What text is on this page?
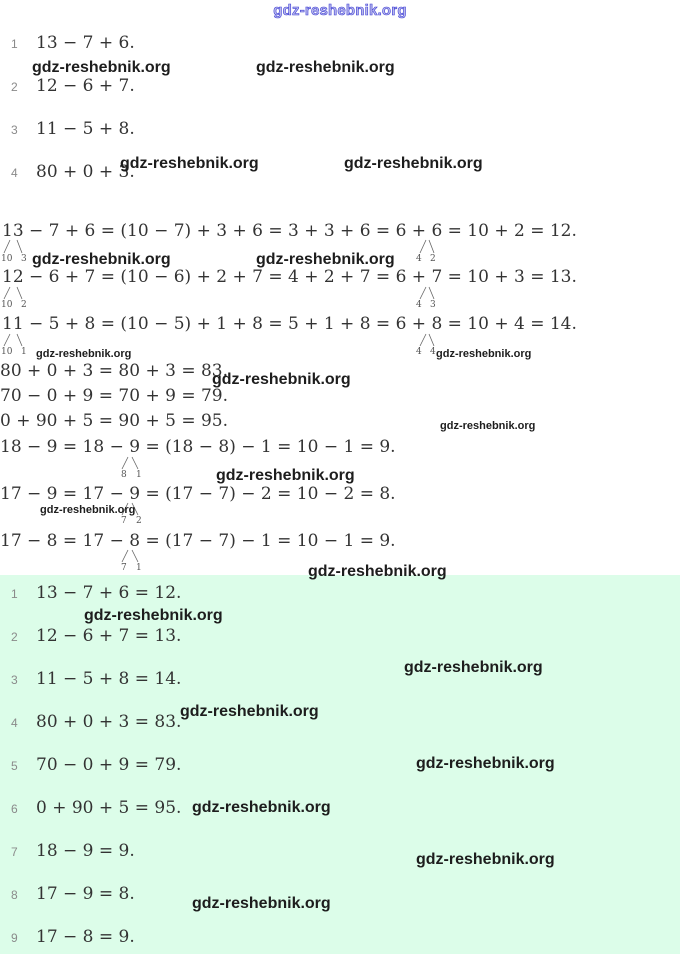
gdz-reshebnik.org
1	13 − 7 + 6.
2	12 − 6 + 7.
3	11 − 5 + 8.
4	80 + 0 + 3.
13 − 7 + 6 = (10 − 7) + 3 + 6 = 3 + 3 + 6 = 6 + 6 = 10 + 2 = 12.
12 − 6 + 7 = (10 − 6) + 2 + 7 = 4 + 2 + 7 = 6 + 7 = 10 + 3 = 13.
11 − 5 + 8 = (10 − 5) + 1 + 8 = 5 + 1 + 8 = 6 + 8 = 10 + 4 = 14.
80 + 0 + 3 = 80 + 3 = 83.
70 − 0 + 9 = 70 + 9 = 79.
0 + 90 + 5 = 90 + 5 = 95.
18 − 9 = 18 − 9 = (18 − 8) − 1 = 10 − 1 = 9.
17 − 9 = 17 − 9 = (17 − 7) − 2 = 10 − 2 = 8.
17 − 8 = 17 − 8 = (17 − 7) − 1 = 10 − 1 = 9.
10 3	4 2
10 2	4 3
10 1	4 4
8 1
7 2
7 1
1	13 − 7 + 6 = 12.
2	12 − 6 + 7 = 13.
3	11 − 5 + 8 = 14.
4	80 + 0 + 3 = 83.
5	70 − 0 + 9 = 79.
6	0 + 90 + 5 = 95.
7	18 − 9 = 9.
8	17 − 9 = 8.
9	17 − 8 = 9.
gdz-reshebnik.org	gdz-reshebnik.org
gdz-reshebnik.org	gdz-reshebnik.org
gdz-reshebnik.org	gdz-reshebnik.org
gdz-reshebnik.org	gdz-reshebnik.org
gdz-reshebnik.org
gdz-reshebnik.org
gdz-reshebnik.org
gdz-reshebnik.org
gdz-reshebnik.org
gdz-reshebnik.org
gdz-reshebnik.org
gdz-reshebnik.org
gdz-reshebnik.org
gdz-reshebnik.org
gdz-reshebnik.org
gdz-reshebnik.org
